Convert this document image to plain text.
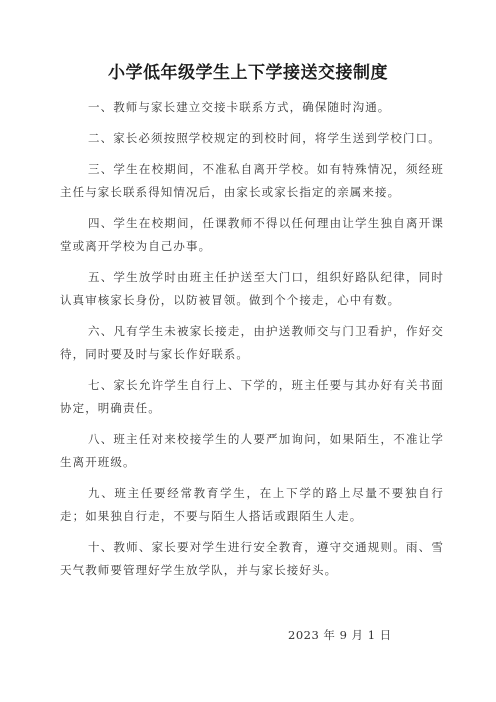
小学低年级学生上下学接送交接制度

一、教师与家长建立交接卡联系方式，确保随时沟通。

二、家长必须按照学校规定的到校时间，将学生送到学校门口。

三、学生在校期间，不准私自离开学校。如有特殊情况，须经班主任与家长联系得知情况后，由家长或家长指定的亲属来接。

四、学生在校期间，任课教师不得以任何理由让学生独自离开课堂或离开学校为自己办事。

五、学生放学时由班主任护送至大门口，组织好路队纪律，同时认真审核家长身份，以防被冒领。做到个个接走，心中有数。

六、凡有学生未被家长接走，由护送教师交与门卫看护，作好交待，同时要及时与家长作好联系。

七、家长允许学生自行上、下学的，班主任要与其办好有关书面协定，明确责任。

八、班主任对来校接学生的人要严加询问，如果陌生，不准让学生离开班级。

九、班主任要经常教育学生，在上下学的路上尽量不要独自行走；如果独自行走，不要与陌生人搭话或跟陌生人走。

十、教师、家长要对学生进行安全教育，遵守交通规则。雨、雪天气教师要管理好学生放学队，并与家长接好头。

2023 年 9 月 1 日
